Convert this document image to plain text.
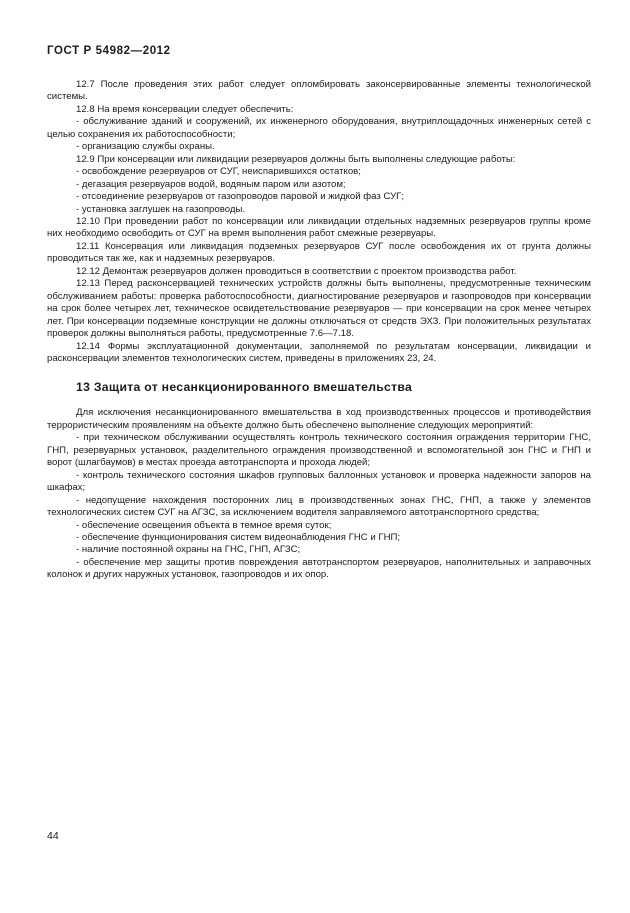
ГОСТ Р 54982—2012

12.7 После проведения этих работ следует опломбировать законсервированные элементы технологической системы.

12.8 На время консервации следует обеспечить:

- обслуживание зданий и сооружений, их инженерного оборудования, внутриплощадочных инженерных сетей с целью сохранения их работоспособности;

- организацию службы охраны.

12.9 При консервации или ликвидации резервуаров должны быть выполнены следующие работы:

- освобождение резервуаров от СУГ, неиспарившихся остатков;

- дегазация резервуаров водой, водяным паром или азотом;

- отсоединение резервуаров от газопроводов паровой и жидкой фаз СУГ;

- установка заглушек на газопроводы.

12.10 При проведении работ по консервации или ликвидации отдельных надземных резервуаров группы кроме них необходимо освободить от СУГ на время выполнения работ смежные резервуары.

12.11 Консервация или ликвидация подземных резервуаров СУГ после освобождения их от грунта должны проводиться так же, как и надземных резервуаров.

12.12 Демонтаж резервуаров должен проводиться в соответствии с проектом производства работ.

12.13 Перед расконсервацией технических устройств должны быть выполнены, предусмотренные техническим обслуживанием работы: проверка работоспособности, диагностирование резервуаров и газопроводов при консервации на срок более четырех лет, техническое освидетельствование резервуаров — при консервации на срок менее четырех лет. При консервации подземные конструкции не должны отключаться от средств ЭХЗ. При положительных результатах проверок должны выполняться работы, предусмотренные 7.6—7.18.

12.14 Формы эксплуатационной документации, заполняемой по результатам консервации, ликвидации и расконсервации элементов технологических систем, приведены в приложениях 23, 24.

13 Защита от несанкционированного вмешательства

Для исключения несанкционированного вмешательства в ход производственных процессов и противодействия террористическим проявлениям на объекте должно быть обеспечено выполнение следующих мероприятий:

- при техническом обслуживании осуществлять контроль технического состояния ограждения территории ГНС, ГНП, резервуарных установок, разделительного ограждения производственной и вспомогательной зон ГНС и ГНП и ворот (шлагбаумов) в местах проезда автотранспорта и прохода людей;

- контроль технического состояния шкафов групповых баллонных установок и проверка надежности запоров на шкафах;

- недопущение нахождения посторонних лиц в производственных зонах ГНС, ГНП, а также у элементов технологических систем СУГ на АГЗС, за исключением водителя заправляемого автотранспортного средства;

- обеспечение освещения объекта в темное время суток;

- обеспечение функционирования систем видеонаблюдения ГНС и ГНП;

- наличие постоянной охраны на ГНС, ГНП, АГЗС;

- обеспечение мер защиты против повреждения автотранспортом резервуаров, наполнительных и заправочных колонок и других наружных установок, газопроводов и их опор.

44
